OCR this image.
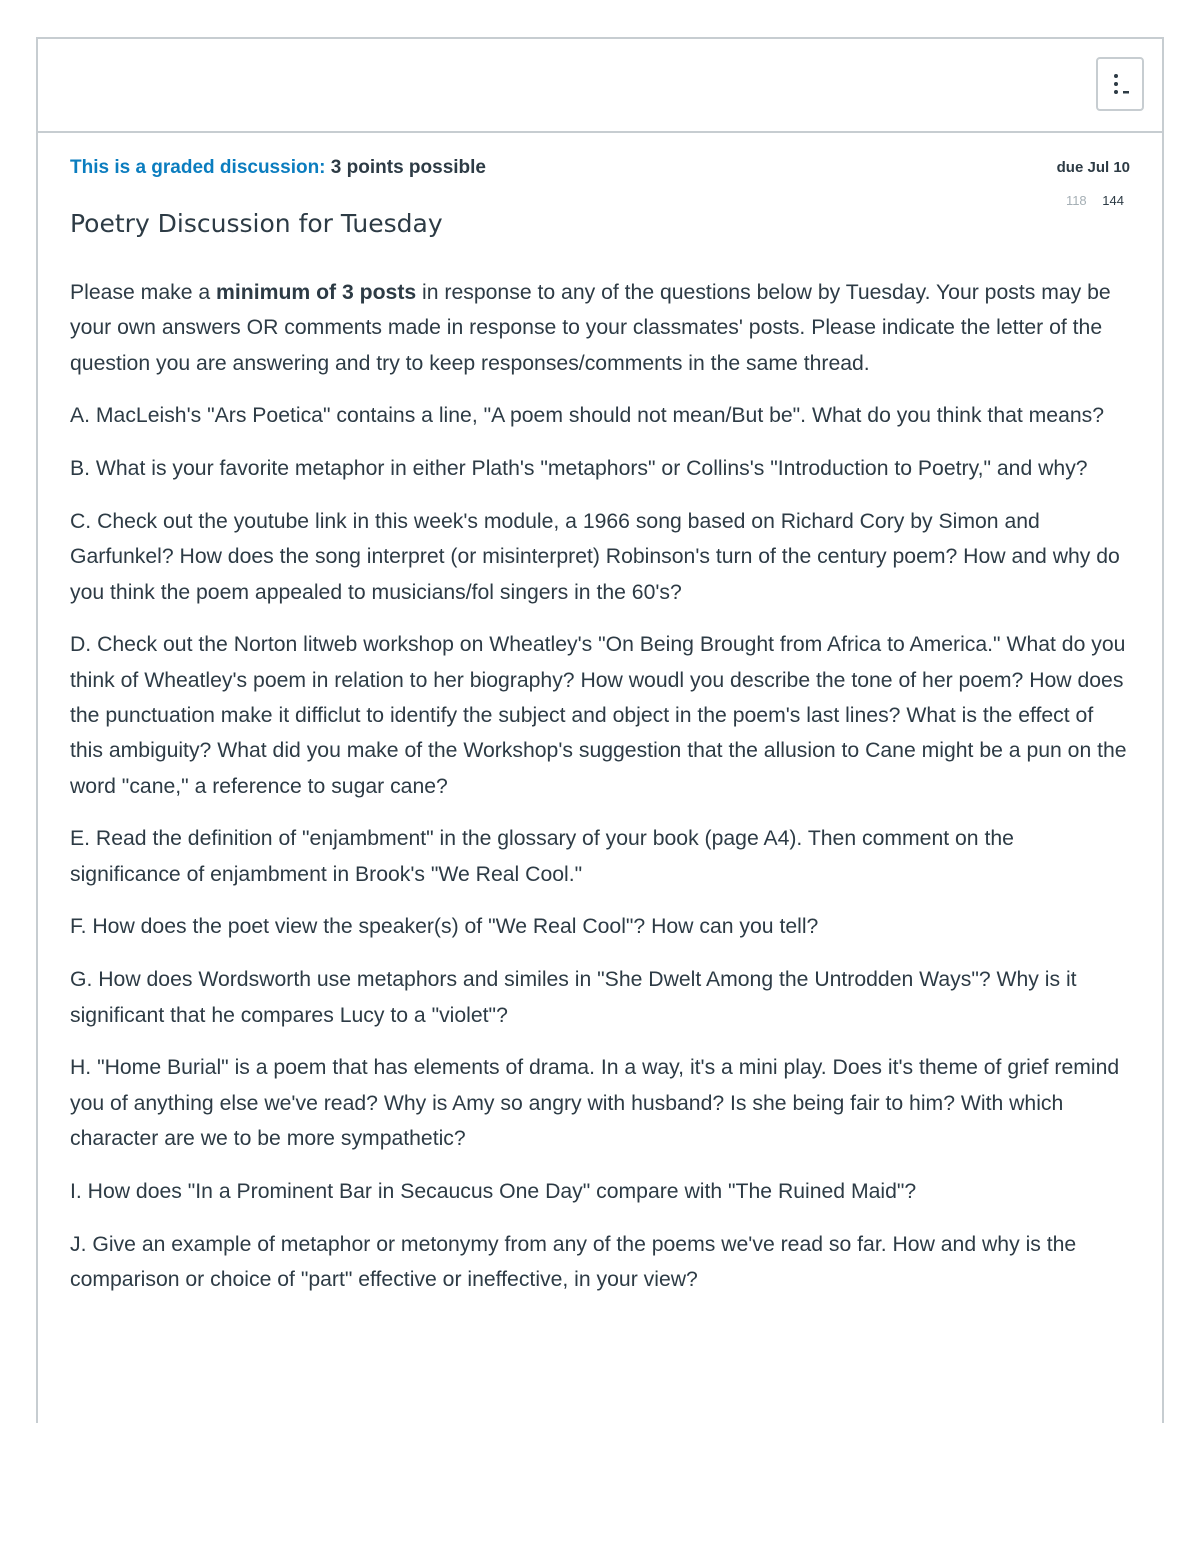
This is a graded discussion: 3 points possible	due Jul 10
Poetry Discussion for Tuesday
118 144

Please make a minimum of 3 posts in response to any of the questions below by Tuesday. Your posts may be your own answers OR comments made in response to your classmates' posts. Please indicate the letter of the question you are answering and try to keep responses/comments in the same thread.

A. MacLeish's "Ars Poetica" contains a line, "A poem should not mean/But be". What do you think that means?

B. What is your favorite metaphor in either Plath's "metaphors" or Collins's "Introduction to Poetry," and why?

C. Check out the youtube link in this week's module, a 1966 song based on Richard Cory by Simon and Garfunkel? How does the song interpret (or misinterpret) Robinson's turn of the century poem? How and why do you think the poem appealed to musicians/fol singers in the 60's?

D. Check out the Norton litweb workshop on Wheatley's "On Being Brought from Africa to America." What do you think of Wheatley's poem in relation to her biography? How woudl you describe the tone of her poem? How does the punctuation make it difficlut to identify the subject and object in the poem's last lines? What is the effect of this ambiguity? What did you make of the Workshop's suggestion that the allusion to Cane might be a pun on the word "cane," a reference to sugar cane?

E. Read the definition of "enjambment" in the glossary of your book (page A4). Then comment on the significance of enjambment in Brook's "We Real Cool."

F. How does the poet view the speaker(s) of "We Real Cool"? How can you tell?

G. How does Wordsworth use metaphors and similes in "She Dwelt Among the Untrodden Ways"? Why is it significant that he compares Lucy to a "violet"?

H. "Home Burial" is a poem that has elements of drama. In a way, it's a mini play. Does it's theme of grief remind you of anything else we've read? Why is Amy so angry with husband? Is she being fair to him? With which character are we to be more sympathetic?

I. How does "In a Prominent Bar in Secaucus One Day" compare with "The Ruined Maid"?

J. Give an example of metaphor or metonymy from any of the poems we've read so far. How and why is the comparison or choice of "part" effective or ineffective, in your view?
